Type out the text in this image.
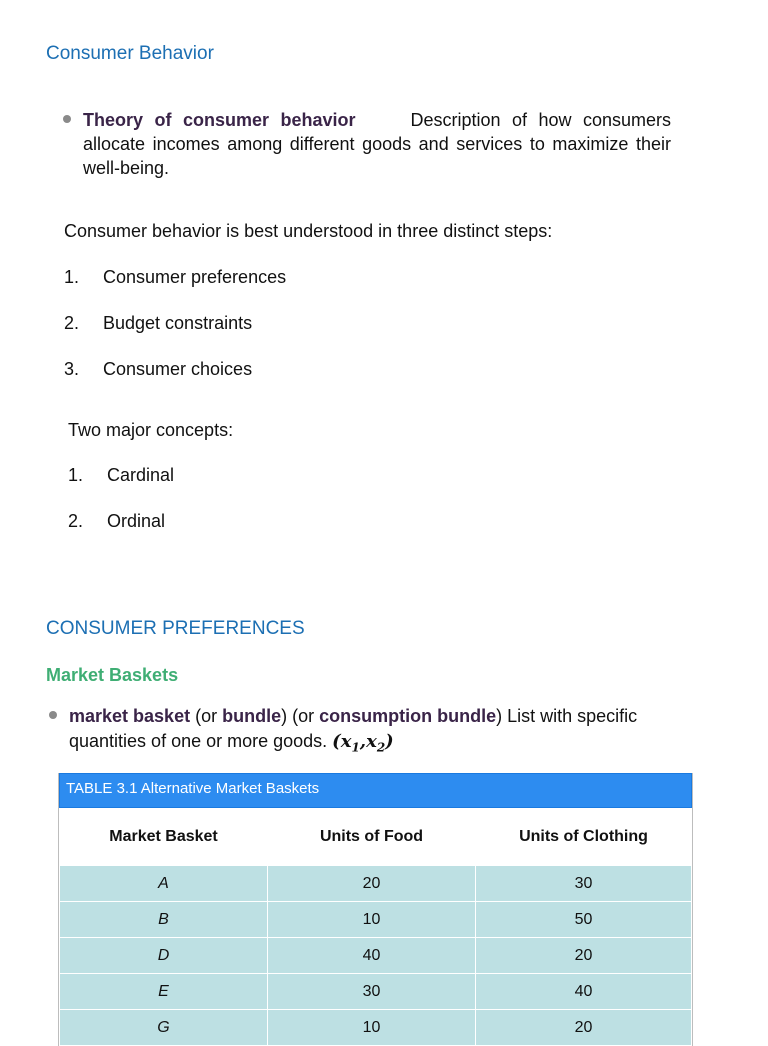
Consumer Behavior
Theory of consumer behavior	Description of how consumers allocate incomes among different goods and services to maximize their well-being.
Consumer behavior is best understood in three distinct steps:
1. Consumer preferences
2. Budget constraints
3. Consumer choices
Two major concepts:
1. Cardinal
2. Ordinal
CONSUMER PREFERENCES
Market Baskets
market basket (or bundle) (or consumption bundle) List with specific quantities of one or more goods. $(x_1,x_2)$
TABLE 3.1 Alternative Market Baskets
Market Basket	Units of Food	Units of Clothing
A	20	30
B	10	50
D	40	20
E	30	40
G	10	20
